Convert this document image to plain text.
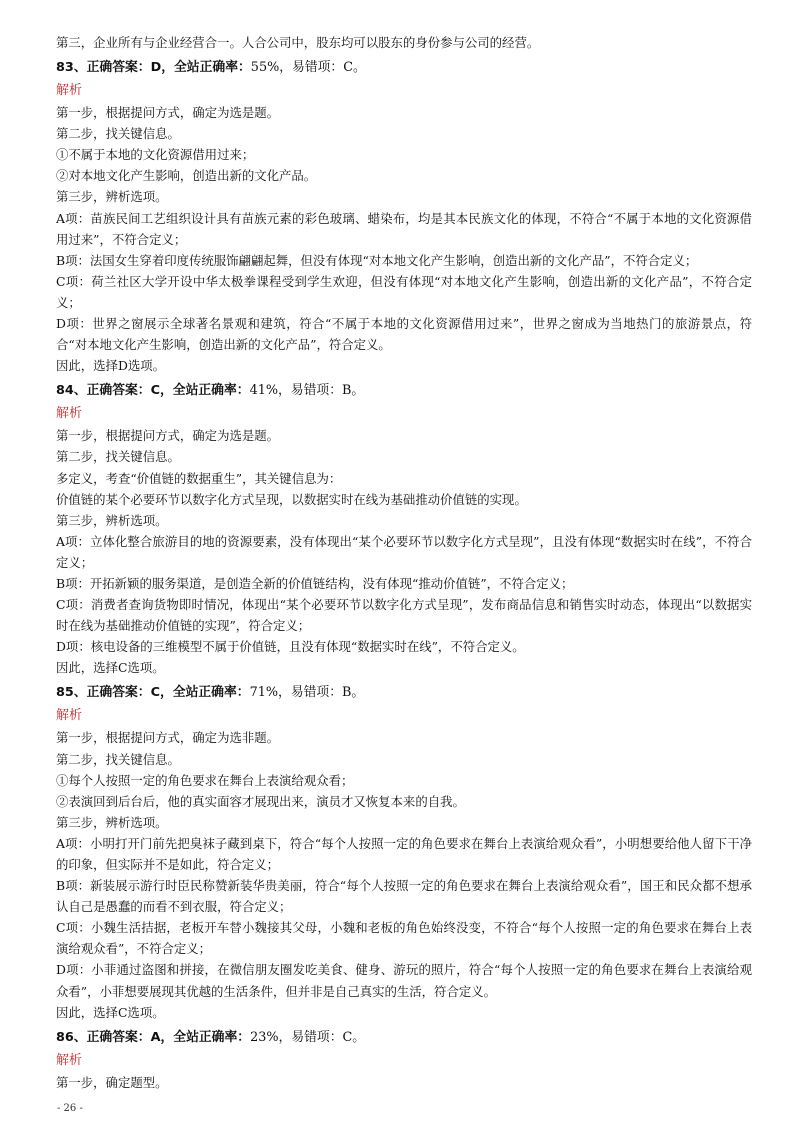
第三，企业所有与企业经营合一。人合公司中，股东均可以股东的身份参与公司的经营。
83、正确答案：D，全站正确率：55%，易错项：C。
解析
第一步，根据提问方式，确定为选是题。
第二步，找关键信息。
①不属于本地的文化资源借用过来；
②对本地文化产生影响，创造出新的文化产品。
第三步，辨析选项。
A项：苗族民间工艺组织设计具有苗族元素的彩色玻璃、蜡染布，均是其本民族文化的体现，不符合“不属于本地的文化资源借用过来”，不符合定义；
B项：法国女生穿着印度传统服饰翩翩起舞，但没有体现“对本地文化产生影响，创造出新的文化产品”，不符合定义；
C项：荷兰社区大学开设中华太极拳课程受到学生欢迎，但没有体现“对本地文化产生影响，创造出新的文化产品”，不符合定义；
D项：世界之窗展示全球著名景观和建筑，符合“不属于本地的文化资源借用过来”，世界之窗成为当地热门的旅游景点，符合“对本地文化产生影响，创造出新的文化产品”，符合定义。
因此，选择D选项。
84、正确答案：C，全站正确率：41%，易错项：B。
解析
第一步，根据提问方式，确定为选是题。
第二步，找关键信息。
多定义，考查“价值链的数据重生”，其关键信息为：
价值链的某个必要环节以数字化方式呈现，以数据实时在线为基础推动价值链的实现。
第三步，辨析选项。
A项：立体化整合旅游目的地的资源要素，没有体现出“某个必要环节以数字化方式呈现”，且没有体现“数据实时在线”，不符合定义；
B项：开拓新颖的服务渠道，是创造全新的价值链结构，没有体现“推动价值链”，不符合定义；
C项：消费者查询货物即时情况，体现出“某个必要环节以数字化方式呈现”，发布商品信息和销售实时动态，体现出“以数据实时在线为基础推动价值链的实现”，符合定义；
D项：核电设备的三维模型不属于价值链，且没有体现“数据实时在线”，不符合定义。
因此，选择C选项。
85、正确答案：C，全站正确率：71%，易错项：B。
解析
第一步，根据提问方式，确定为选非题。
第二步，找关键信息。
①每个人按照一定的角色要求在舞台上表演给观众看；
②表演回到后台后，他的真实面容才展现出来，演员才又恢复本来的自我。
第三步，辨析选项。
A项：小明打开门前先把臭袜子藏到桌下，符合“每个人按照一定的角色要求在舞台上表演给观众看”，小明想要给他人留下干净的印象，但实际并不是如此，符合定义；
B项：新装展示游行时臣民称赞新装华贵美丽，符合“每个人按照一定的角色要求在舞台上表演给观众看”，国王和民众都不想承认自己是愚蠢的而看不到衣服，符合定义；
C项：小魏生活拮据，老板开车替小魏接其父母，小魏和老板的角色始终没变，不符合“每个人按照一定的角色要求在舞台上表演给观众看”，不符合定义；
D项：小菲通过盗图和拼接，在微信朋友圈发吃美食、健身、游玩的照片，符合“每个人按照一定的角色要求在舞台上表演给观众看”，小菲想要展现其优越的生活条件，但并非是自己真实的生活，符合定义。
因此，选择C选项。
86、正确答案：A，全站正确率：23%，易错项：C。
解析
第一步，确定题型。
- 26 -
